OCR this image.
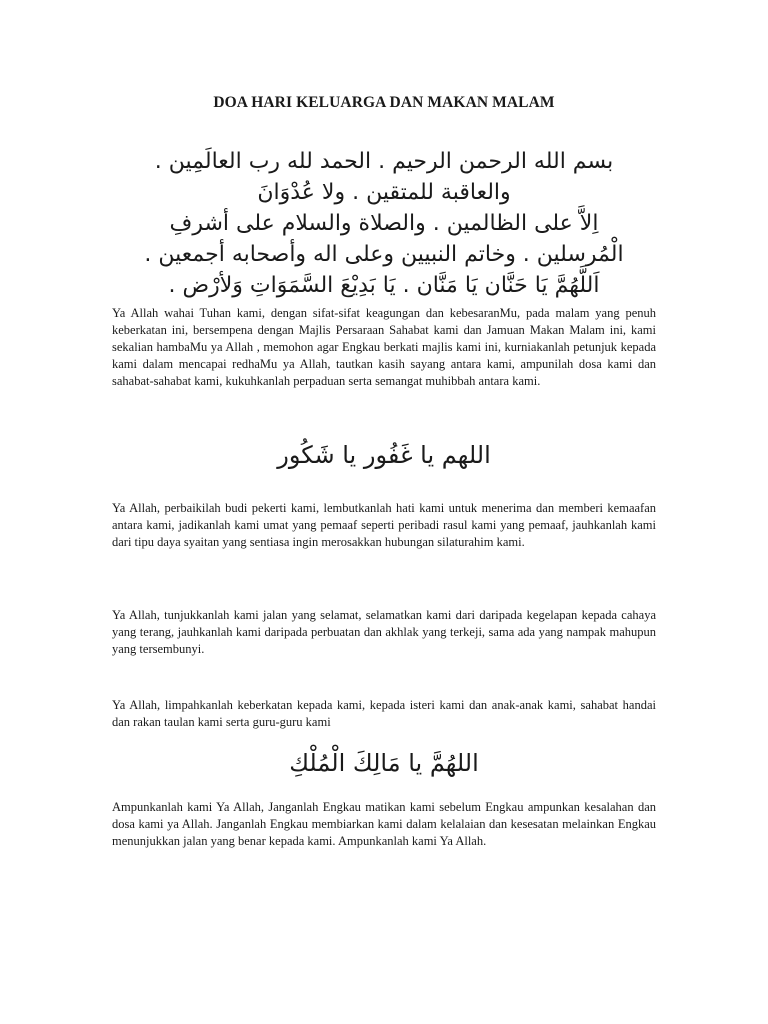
DOA HARI KELUARGA DAN MAKAN MALAM
بسم الله الرحمن الرحيم . الحمد لله رب العالَمِين .
والعاقبة للمتقين . ولا عُدْوَانَ
اِلاَّ على الظالمين . والصلاة والسلام على أشرفِ
الْمُرسلين . وخاتم النبيين وعلى اله وأصحابه أجمعين .
اَللَّهُمَّ يَا حَنَّان يَا مَنَّان . يَا بَدِيْعَ السَّمَوَاتِ وَلأرْض .

Ya Allah wahai Tuhan kami, dengan sifat-sifat keagungan dan kebesaranMu, pada malam yang penuh keberkatan ini, bersempena dengan Majlis Persaraan Sahabat kami dan Jamuan Makan Malam ini, kami sekalian hambaMu ya Allah , memohon agar Engkau berkati majlis kami ini, kurniakanlah petunjuk kepada kami dalam mencapai redhaMu ya Allah, tautkan kasih sayang antara kami, ampunilah dosa kami dan sahabat-sahabat kami, kukuhkanlah perpaduan serta semangat muhibbah antara kami.

اللهم يا غَفُور يا شَكُور

Ya Allah, perbaikilah budi pekerti kami, lembutkanlah hati kami untuk menerima dan memberi kemaafan antara kami, jadikanlah kami umat yang pemaaf seperti peribadi rasul kami yang pemaaf, jauhkanlah kami dari tipu daya syaitan yang sentiasa ingin merosakkan hubungan silaturahim kami.

Ya Allah, tunjukkanlah kami jalan yang selamat, selamatkan kami dari daripada kegelapan kepada cahaya yang terang, jauhkanlah kami daripada perbuatan dan akhlak yang terkeji, sama ada yang nampak mahupun yang tersembunyi.

Ya Allah, limpahkanlah keberkatan kepada kami, kepada isteri kami dan anak-anak kami, sahabat handai dan rakan taulan kami serta guru-guru kami

اللهُمَّ يا مَالِكَ الْمُلْكِ

Ampunkanlah kami Ya Allah, Janganlah Engkau matikan kami sebelum Engkau ampunkan kesalahan dan dosa kami ya Allah. Janganlah Engkau membiarkan kami dalam kelalaian dan kesesatan melainkan Engkau menunjukkan jalan yang benar kepada kami. Ampunkanlah kami Ya Allah.
